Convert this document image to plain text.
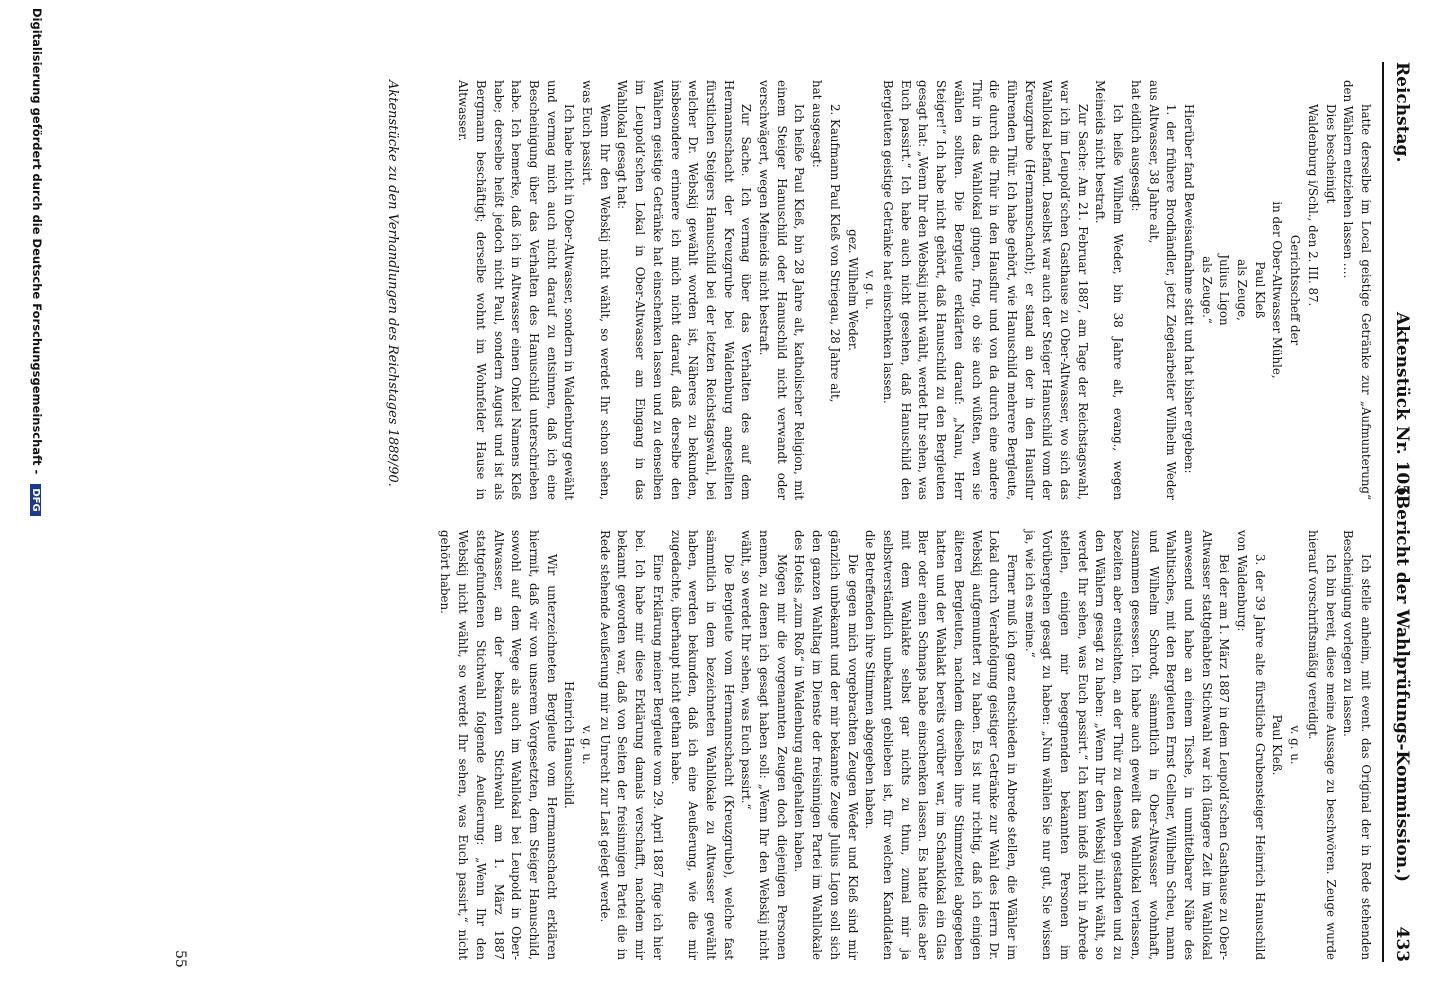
Reichstag.
Aktenstück Nr. 105.
(Bericht der Wahlprüfungs-Kommission.)
433

hatte derselbe im Local geistige Getränke zur „Aufmunterung“ den Wählern entziehen lassen ….

Dies bescheinigt

Waldenburg i/Schl., den 2. III. 87.

Gerichtsscheff der

in der Ober-Altwasser Mühle,

Paul Kleß

als Zeuge,

Julius Ligon

als Zeuge.“

Hierüber fand Beweisaufnahme statt und hat bisher ergeben:

1. der frühere Brodhändler, jetzt Ziegelarbeiter Wilhelm Weder aus Altwasser, 38 Jahre alt,

hat eidlich ausgesagt:

Ich heiße Wilhelm Weder, bin 38 Jahre alt, evang., wegen Meineids nicht bestraft.

Zur Sache: Am 21. Februar 1887, am Tage der Reichstagswahl, war ich im Leupold’schen Gasthause zu Ober-Altwasser, wo sich das Wahllokal befand. Daselbst war auch der Steiger Hanuschild vom der Kreuzgrube (Hermannschacht); er stand an der in den Hausflur führenden Thür. Ich habe gehört, wie Hanuschild mehrere Bergleute, die durch die Thür in den Hausflur und von da durch eine andere Thür in das Wahllokal gingen, frug, ob sie auch wüßten, wen sie wählen sollten. Die Bergleute erklärten darauf: „Nanu, Herr Steiger!“ Ich habe nicht gehört, daß Hanuschild zu den Bergleuten gesagt hat: „Wenn Ihr den Webskij nicht wählt, werdet Ihr sehen, was Euch passirt.“ Ich habe auch nicht gesehen, daß Hanuschild den Bergleuten geistige Getränke hat einschenken lassen.

v. g. u.

gez. Wilhelm Weder.

2. Kaufmann Paul Kleß von Striegau, 28 Jahre alt,

hat ausgesagt:

Ich heiße Paul Kleß, bin 28 Jahre alt, katholischer Religion, mit einem Steiger Hanuschild oder Hanuschild nicht verwandt oder verschwägert, wegen Meineids nicht bestraft.

Zur Sache. Ich vermag über das Verhalten des auf dem Hermannschacht der Kreuzgrube bei Waldenburg angestellten fürstlichen Steigers Hanuschild bei der letzten Reichstagswahl, bei welcher Dr. Webskij gewählt worden ist, Näheres zu bekunden, insbesondere erinnere ich mich nicht darauf, daß derselbe den Wählern geistige Getränke hat einschenken lassen und zu denselben im Leupold’schen Lokal in Ober-Altwasser am Eingang in das Wahllokal gesagt hat:

Wenn Ihr den Webskij nicht wählt, so werdet Ihr schon sehen, was Euch passirt.

Ich habe nicht in Ober-Altwasser, sondern in Waldenburg gewählt und vermag mich auch nicht darauf zu entsinnen, daß ich eine Bescheinigung über das Verhalten des Hanuschild unterschrieben habe. Ich bemerke, daß ich in Altwasser einen Onkel Namens Kleß habe; derselbe heißt jedoch nicht Paul, sondern August und ist als Bergmann beschäftigt; derselbe wohnt im Wohnfelder Hause in Altwasser.

Ich stelle anheim, mit event. das Original der in Rede stehenden Bescheinigung vorlegen zu lassen.

Ich bin bereit, diese meine Aussage zu beschwören. Zeuge wurde hierauf vorschriftsmäßig vereidigt.

v. g. u.

Paul Kleß.

3. der 39 Jahre alte fürstliche Grubensteiger Heinrich Hanuschild von Waldenburg:

Bei der am 1. März 1887 in dem Leupold’schen Gasthause zu Ober-Altwasser stattgehabten Stichwahl war ich (längere Zeit im Wahllokal anwesend und habe an einem Tische, in unmittelbarer Nähe des Wahltisches, mit den Bergleuten Ernst Gellner, Wilhelm Scheu, mann und Wilhelm Schrodt, sämmtlich in Ober-Altwasser wohnhaft, zusammen gesessen. Ich habe auch geweilt das Wahllokal verlassen, bezeiten aber entsichten, an der Thür zu denselben gestanden und zu den Wählern gesagt zu haben: „Wenn Ihr den Webskij nicht wählt, so werdet Ihr sehen, was Euch passirt.“ Ich kann indeß nicht in Abrede stellen, einigen mir begegnenden bekannten Personen im Vorübergehen gesagt zu haben: „Nun wählen Sie nur gut, Sie wissen ja, wie ich es meine.“

Ferner muß ich ganz entschieden in Abrede stellen, die Wähler im Lokal durch Verabfolgung geistiger Getränke zur Wahl des Herrn Dr. Webskij aufgemuntert zu haben. Es ist nur richtig, daß ich einigen älteren Bergleuten, nachdem dieselben ihre Stimmzettel abgegeben hatten und der Wahlakt bereits vorüber war, im Schanklokal ein Glas Bier oder einen Schnaps habe einschenken lassen. Es hatte dies aber mit dem Wahlakte selbst gar nichts zu thun, zumal mir ja selbstverständlich unbekannt geblieben ist, für welchen Kandidaten die Betreffenden ihre Stimmen abgegeben haben.

Die gegen mich vorgebrachten Zeugen Weder und Kleß sind mir gänzlich unbekannt und der mir bekannte Zeuge Julius Ligon soll sich den ganzen Wahltag im Dienste der freisinnigen Partei im Wahllokale des Hotels „zum Roß“ in Waldenburg aufgehalten haben.

Mögen mir die vorgenannten Zeugen doch diejenigen Personen nennen, zu denen ich gesagt haben soll: „Wenn Ihr den Webskij nicht wählt, so werdet Ihr sehen, was Euch passirt.“

Die Bergleute vom Hermannschacht (Kreuzgrube), welche fast sämmtlich in dem bezeichneten Wahllokale zu Altwasser gewählt haben, werden bekunden, daß ich eine Aeußerung, wie die mir zugedachte, überhaupt nicht gethan habe.

Eine Erklärung meiner Bergleute vom 29. April 1887 füge ich hier bei. Ich habe mir diese Erklärung damals verschafft, nachdem mir bekannt geworden war, daß von Seiten der freisinnigen Partei die in Rede stehende Aeußerung mir zu Unrecht zur Last gelegt werde.

v. g. u.

Heinrich Hanuschild.

Wir unterzeichneten Bergleute vom Hermannschacht erklären hiermit, daß wir von unserem Vorgesetzten, dem Steiger Hanuschild, sowohl auf dem Wege als auch im Wahllokal bei Leupold in Ober-Altwasser, an der bekannten Stichwahl am 1. März 1887 stattgefundenen Stichwahl folgende Aeußerung: „Wenn Ihr den Webskij nicht wählt, so werdet Ihr sehen, was Euch passirt,“ nicht gehört haben.

Aktenstücke zu den Verhandlungen des Reichstages 1889/90.
55
Digitalisierung gefördert durch die Deutsche Forschungsgemeinschaft - DFG
